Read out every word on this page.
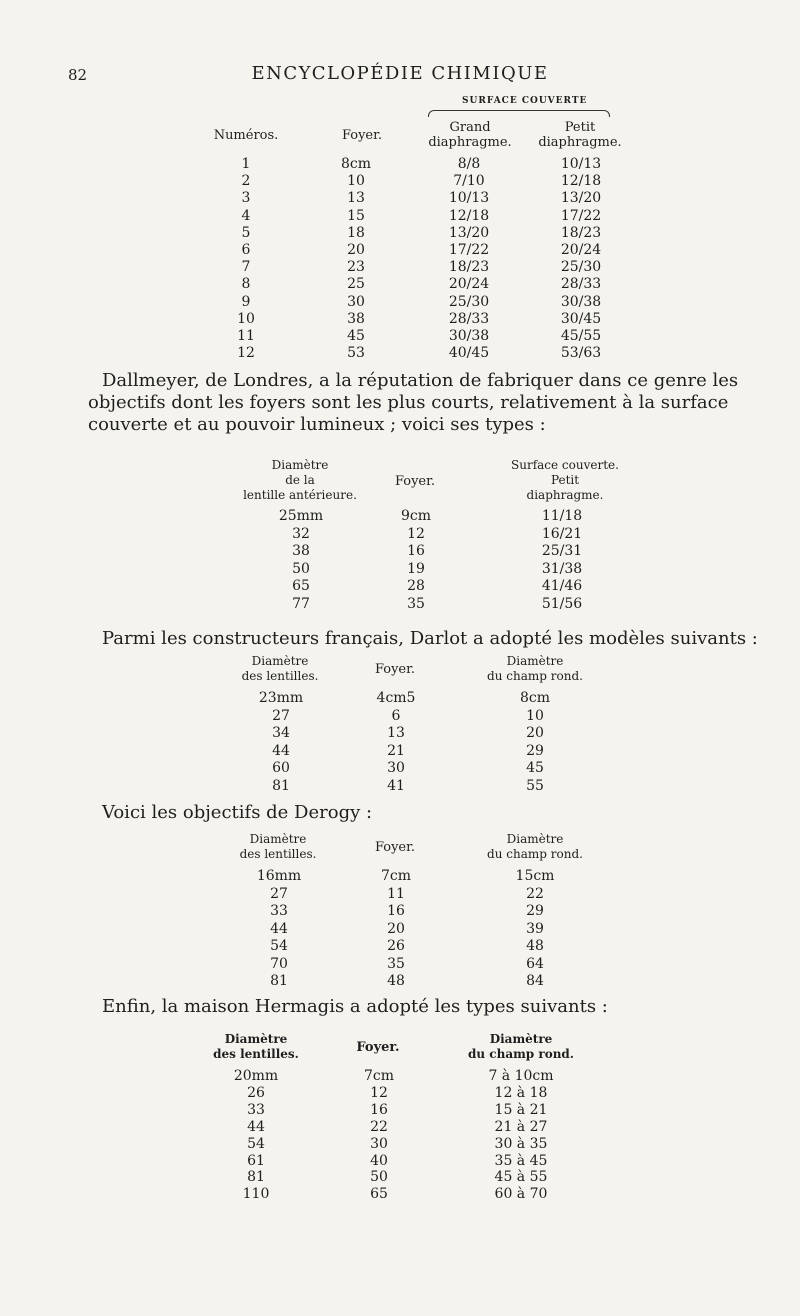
82	ENCYCLOPÉDIE CHIMIQUE
SURFACE COUVERTE
Numéros.	Foyer.
Grand
diaphragme.
Petit
diaphragme.
1	8cm	8/8	10/13
2	10	7/10	12/18
3	13	10/13	13/20
4	15	12/18	17/22
5	18	13/20	18/23
6	20	17/22	20/24
7	23	18/23	25/30
8	25	20/24	28/33
9	30	25/30	30/38
10	38	28/33	30/45
11	45	30/38	45/55
12	53	40/45	53/63
Dallmeyer, de Londres, a la réputation de fabriquer dans ce genre les objectifs dont les foyers sont les plus courts, relativement à la surface couverte et au pouvoir lumineux ; voici ses types :
Diamètre
de la
lentille antérieure.
Foyer.
Surface couverte.
Petit
diaphragme.
25mm	9cm	11/18
32	12	16/21
38	16	25/31
50	19	31/38
65	28	41/46
77	35	51/56
Parmi les constructeurs français, Darlot a adopté les modèles suivants :
Diamètre
des lentilles.	Foyer.
Diamètre
du champ rond.
23mm	4cm5	8cm
27	6	10
34	13	20
44	21	29
60	30	45
81	41	55
Voici les objectifs de Derogy :
Diamètre
des lentilles.	Foyer.
Diamètre
du champ rond.
16mm	7cm	15cm
27	11	22
33	16	29
44	20	39
54	26	48
70	35	64
81	48	84
Enfin, la maison Hermagis a adopté les types suivants :
Diamètre
des lentilles.	Foyer.
Diamètre
du champ rond.
20mm	7cm	7 à 10cm
26	12	12 à 18
33	16	15 à 21
44	22	21 à 27
54	30	30 à 35
61	40	35 à 45
81	50	45 à 55
110	65	60 à 70
